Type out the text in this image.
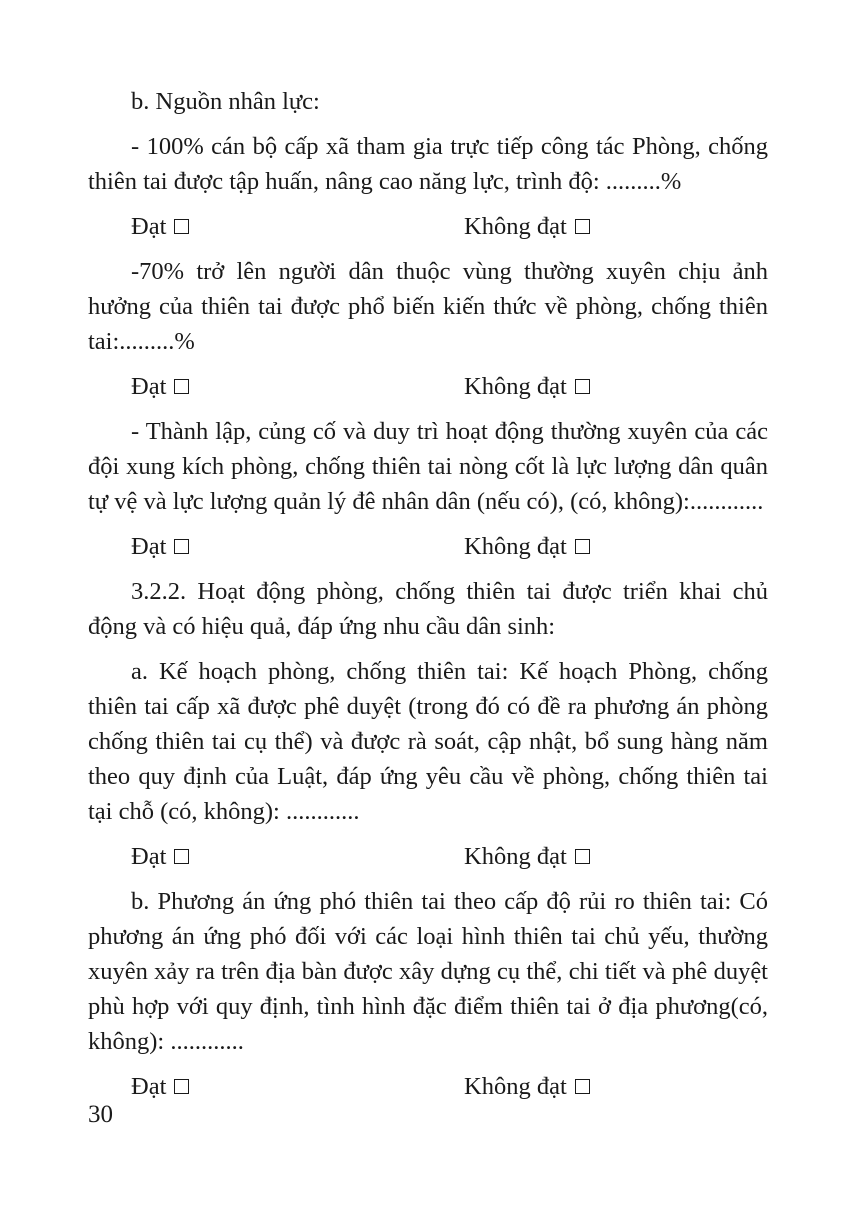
b. Nguồn nhân lực:

- 100% cán bộ cấp xã tham gia trực tiếp công tác Phòng, chống thiên tai được tập huấn, nâng cao năng lực, trình độ: .........%

Đạt	Không đạt

-70% trở lên người dân thuộc vùng thường xuyên chịu ảnh hưởng của thiên tai được phổ biến kiến thức về phòng, chống thiên tai:.........%

Đạt	Không đạt

- Thành lập, củng cố và duy trì hoạt động thường xuyên của các đội xung kích phòng, chống thiên tai nòng cốt là lực lượng dân quân tự vệ và lực lượng quản lý đê nhân dân (nếu có), (có, không):............

Đạt	Không đạt

3.2.2. Hoạt động phòng, chống thiên tai được triển khai chủ động và có hiệu quả, đáp ứng nhu cầu dân sinh:

a. Kế hoạch phòng, chống thiên tai: Kế hoạch Phòng, chống thiên tai cấp xã được phê duyệt (trong đó có đề ra phương án phòng chống thiên tai cụ thể) và được rà soát, cập nhật, bổ sung hàng năm theo quy định của Luật, đáp ứng yêu cầu về phòng, chống thiên tai tại chỗ (có, không): ............

Đạt	Không đạt

b. Phương án ứng phó thiên tai theo cấp độ rủi ro thiên tai: Có phương án ứng phó đối với các loại hình thiên tai chủ yếu, thường xuyên xảy ra trên địa bàn được xây dựng cụ thể, chi tiết và phê duyệt phù hợp với quy định, tình hình đặc điểm thiên tai ở địa phương(có, không): ............

Đạt	Không đạt
30
